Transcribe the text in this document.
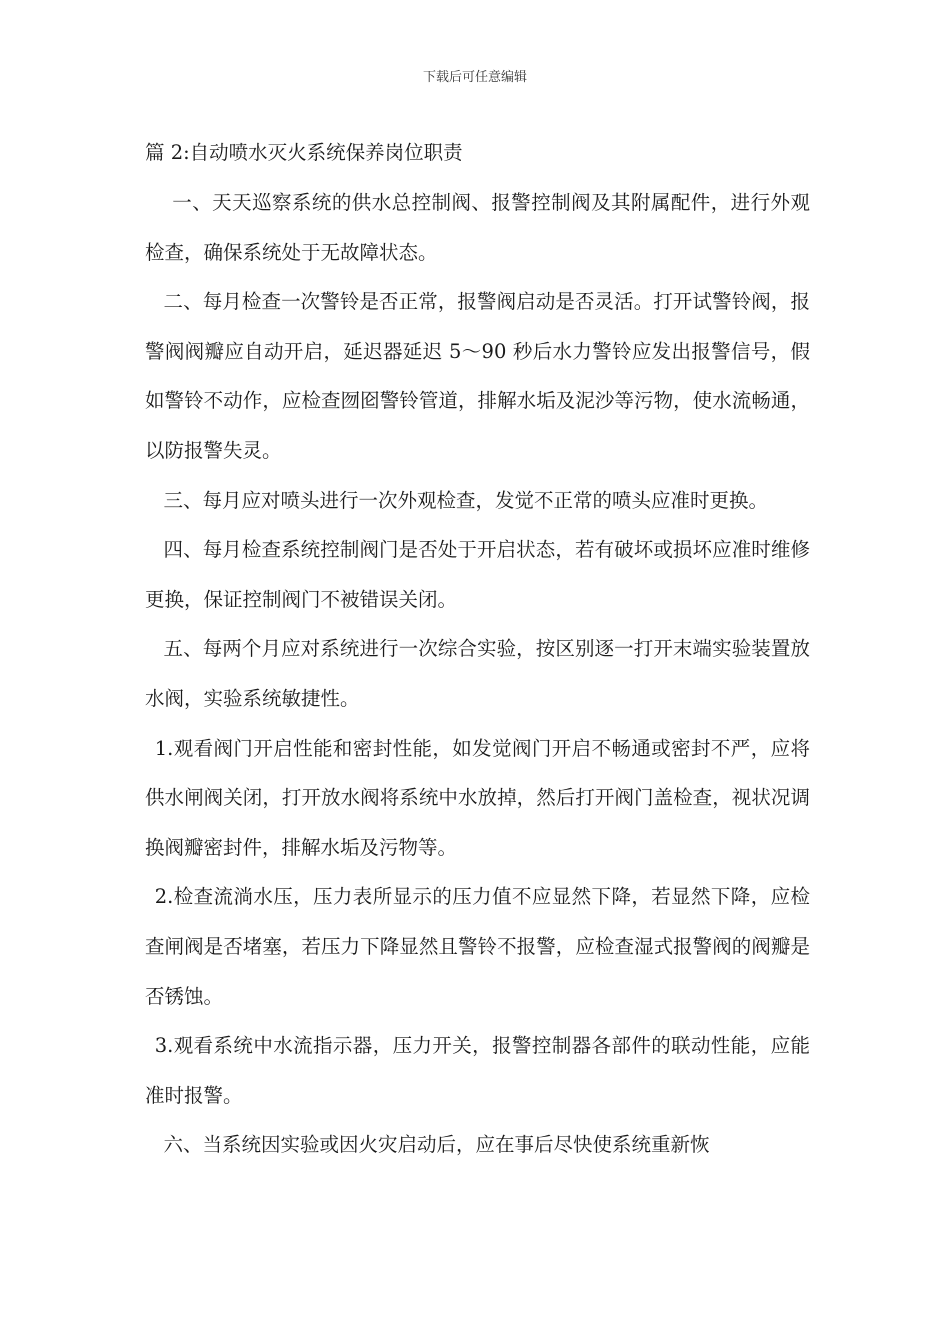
下载后可任意编辑

篇 2:自动喷水灭火系统保养岗位职责

一、天天巡察系统的供水总控制阀、报警控制阀及其附属配件，进行外观检查，确保系统处于无故障状态。

二、每月检查一次警铃是否正常，报警阀启动是否灵活。打开试警铃阀，报警阀阀瓣应自动开启，延迟器延迟 5～90 秒后水力警铃应发出报警信号，假如警铃不动作，应检查囫囵警铃管道，排解水垢及泥沙等污物，使水流畅通，以防报警失灵。

三、每月应对喷头进行一次外观检查，发觉不正常的喷头应准时更换。

四、每月检查系统控制阀门是否处于开启状态，若有破坏或损坏应准时维修更换，保证控制阀门不被错误关闭。

五、每两个月应对系统进行一次综合实验，按区别逐一打开末端实验装置放水阀，实验系统敏捷性。

1.观看阀门开启性能和密封性能，如发觉阀门开启不畅通或密封不严，应将供水闸阀关闭，打开放水阀将系统中水放掉，然后打开阀门盖检查，视状况调换阀瓣密封件，排解水垢及污物等。

2.检查流淌水压，压力表所显示的压力值不应显然下降，若显然下降，应检查闸阀是否堵塞，若压力下降显然且警铃不报警，应检查湿式报警阀的阀瓣是否锈蚀。

3.观看系统中水流指示器，压力开关，报警控制器各部件的联动性能，应能准时报警。

六、当系统因实验或因火灾启动后，应在事后尽快使系统重新恢
